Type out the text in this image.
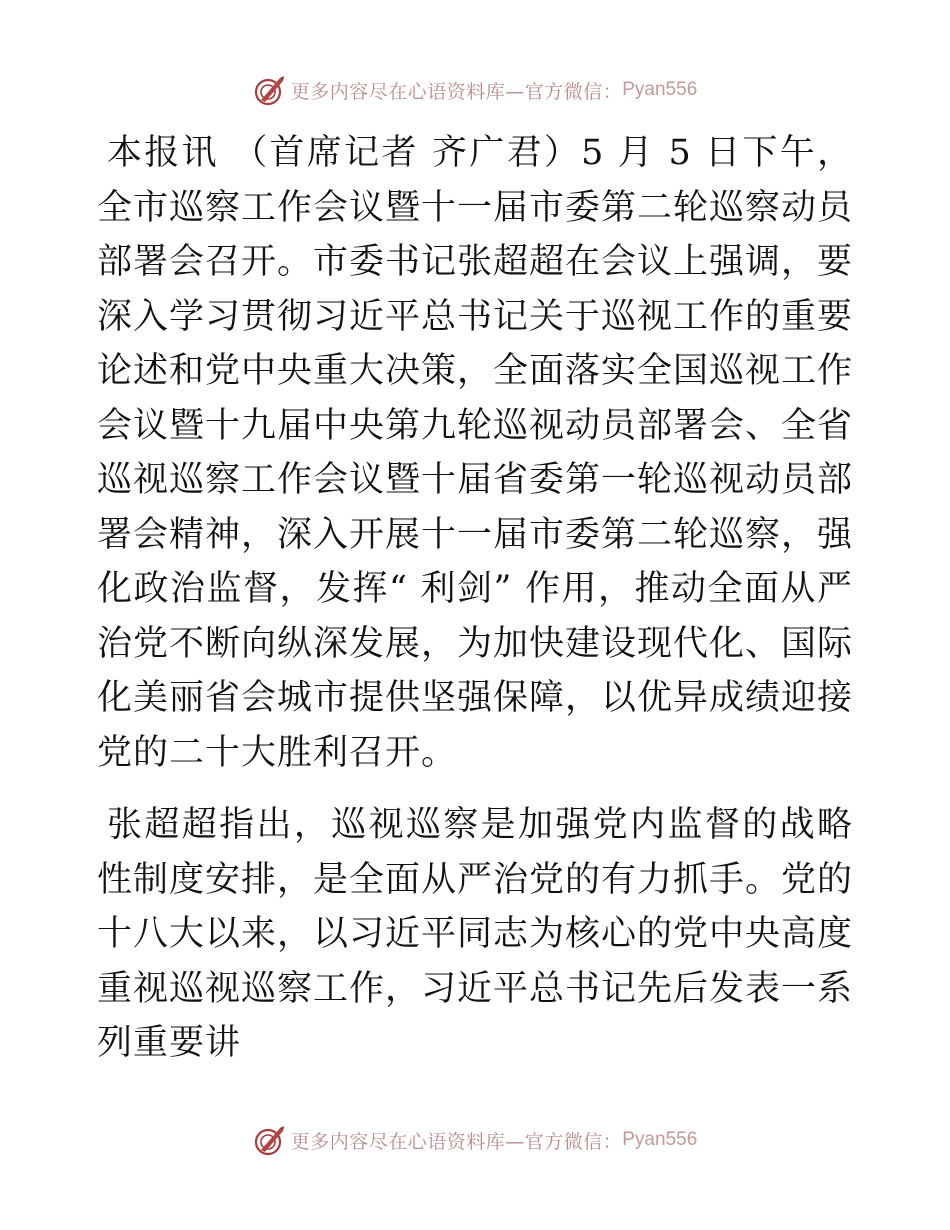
更多内容尽在心语资料库—官方微信： Pyan556

本报讯 （首席记者 齐广君）5 月 5 日下午，全市巡察工作会议暨十一届市委第二轮巡察动员部署会召开。市委书记张超超在会议上强调，要深入学习贯彻习近平总书记关于巡视工作的重要论述和党中央重大决策，全面落实全国巡视工作会议暨十九届中央第九轮巡视动员部署会、全省巡视巡察工作会议暨十届省委第一轮巡视动员部署会精神，深入开展十一届市委第二轮巡察，强化政治监督，发挥“ 利剑” 作用，推动全面从严治党不断向纵深发展，为加快建设现代化、国际化美丽省会城市提供坚强保障，以优异成绩迎接党的二十大胜利召开。

张超超指出，巡视巡察是加强党内监督的战略性制度安排，是全面从严治党的有力抓手。党的十八大以来，以习近平同志为核心的党中央高度重视巡视巡察工作，习近平总书记先后发表一系列重要讲

更多内容尽在心语资料库—官方微信： Pyan556
